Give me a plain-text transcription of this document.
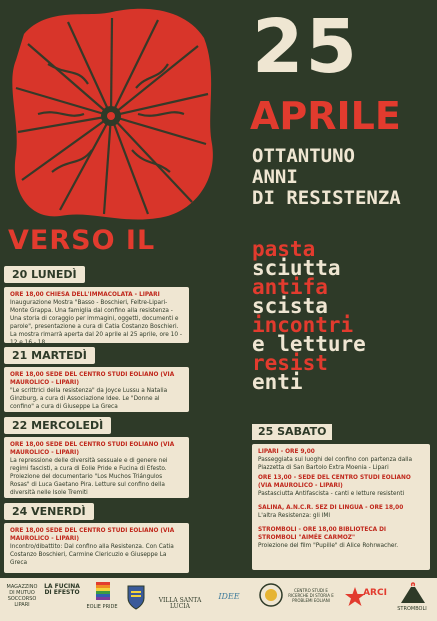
25
APRILE
OTTANTUNO
ANNI
DI RESISTENZA
VERSO IL	pasta
sciutta
antifa
scista
incontri
e letture
resist
enti
20 LUNEDÌ
ORE 18,00 CHIESA DELL'IMMACOLATA - LIPARI
Inaugurazione Mostra "Basso - Boschieri, Feltre-Lipari-Monte Grappa. Una famiglia dal confino alla resistenza - Una storia di coraggio per immagini, oggetti, documenti e parole", presentazione a cura di Catia Costanzo Boschieri. La mostra rimarrà aperta dal 20 aprile al 25 aprile, ore 10 - 12 e 16 - 18.
21 MARTEDÌ
ORE 18,00 SEDE DEL CENTRO STUDI EOLIANO (VIA MAUROLICO - LIPARI)
"Le scrittrici della resistenza" da Joyce Lussu a Natalia Ginzburg, a cura di Associazione Idee. Le "Donne al confino" a cura di Giuseppe La Greca
22 MERCOLEDÌ
ORE 18,00 SEDE DEL CENTRO STUDI EOLIANO (VIA MAUROLICO - LIPARI)
La repressione delle diversità sessuale e di genere nei regimi fascisti, a cura di Eolie Pride e Fucina di Efesto. Proiezione del documentario "Los Muchos Triángulos Rosas" di Luca Gaetano Pira. Letture sul confino della diversità nelle Isole Tremiti
24 VENERDÌ
ORE 18,00 SEDE DEL CENTRO STUDI EOLIANO (VIA MAUROLICO - LIPARI)
Incontro/dibattito: Dal confino alla Resistenza. Con Catia Costanzo Boschieri, Carmine Clericuzio e Giuseppe La Greca
25 SABATO
LIPARI - ORE 9,00
Passeggiata sui luoghi del confino con partenza dalla Piazzetta di San Bartolo Extra Moenia - Lipari
ORE 13,00 - SEDE DEL CENTRO STUDI EOLIANO (VIA MAUROLICO - LIPARI)
Pastasciutta Antifascista - canti e letture resistenti
SALINA, A.N.C.R. SEZ DI LINGUA - ORE 18,00
L'altra Resistenza: gli IMI
STROMBOLI - ORE 18,00 BIBLIOTECA DI STROMBOLI "AIMÉE CARMOZ"
Proiezione del film "Pupille" di Alice Rohrwacher.
MAGAZZINO DI MUTUO SOCCORSO LIPARI
LA FUCINA DI EFESTO
EOLIE PRIDE
VILLA SANTA LUCIA
IDEE
CENTRO STUDI E RICERCHE DI STORIA E PROBLEMI EOLIANI
ARCI
STROMBOLI
